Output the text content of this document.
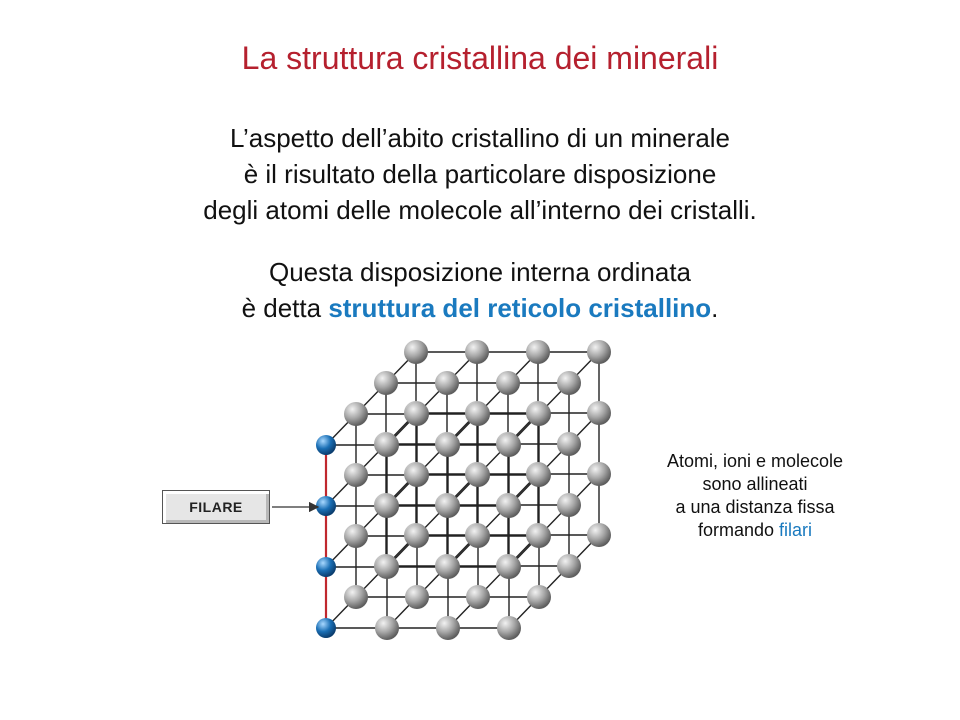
La struttura cristallina dei minerali
L’aspetto dell’abito cristallino di un minerale
è il risultato della particolare disposizione
degli atomi delle molecole all’interno dei cristalli.
Questa disposizione interna ordinata
è detta struttura del reticolo cristallino.
FILARE
Atomi, ioni e molecole
sono allineati
a una distanza fissa
formando filari
